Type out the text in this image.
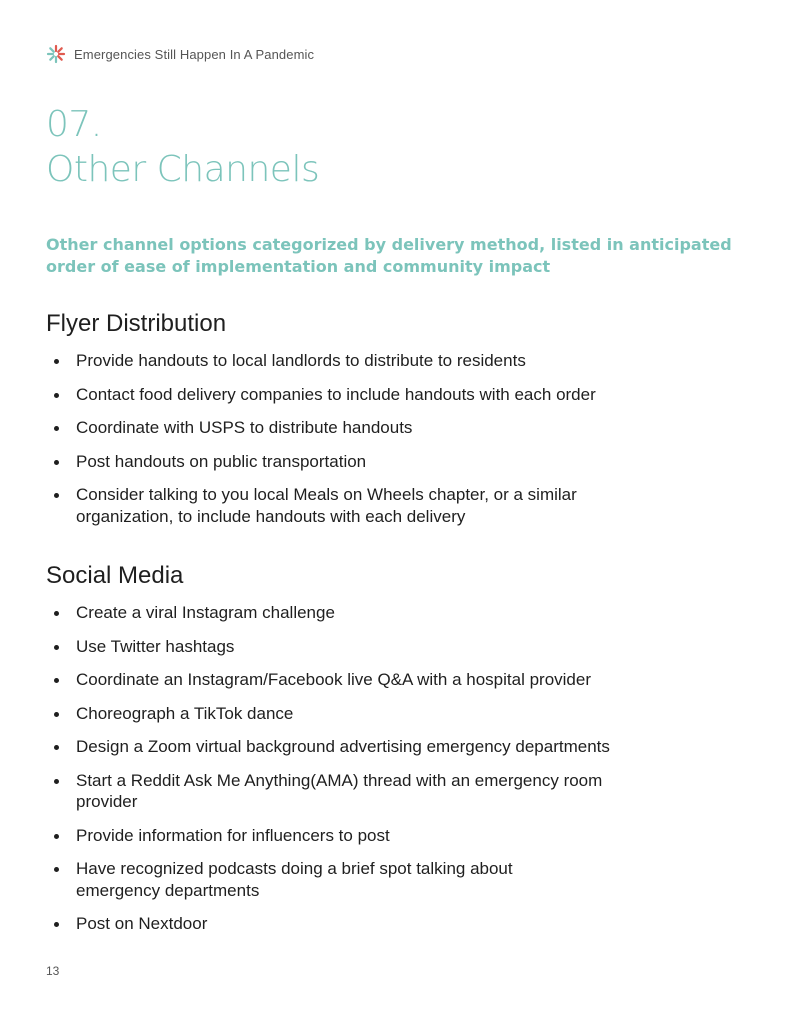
Emergencies Still Happen In A Pandemic
07.
Other Channels

Other channel options categorized by delivery method, listed in anticipated order of ease of implementation and community impact

Flyer Distribution
Provide handouts to local landlords to distribute to residents
Contact food delivery companies to include handouts with each order
Coordinate with USPS to distribute handouts
Post handouts on public transportation
Consider talking to you local Meals on Wheels chapter, or a similar organization, to include handouts with each delivery
Social Media
Create a viral Instagram challenge
Use Twitter hashtags
Coordinate an Instagram/Facebook live Q&A with a hospital provider
Choreograph a TikTok dance
Design a Zoom virtual background advertising emergency departments
Start a Reddit Ask Me Anything(AMA) thread with an emergency room provider
Provide information for influencers to post
Have recognized podcasts doing a brief spot talking about emergency departments
Post on Nextdoor
13
